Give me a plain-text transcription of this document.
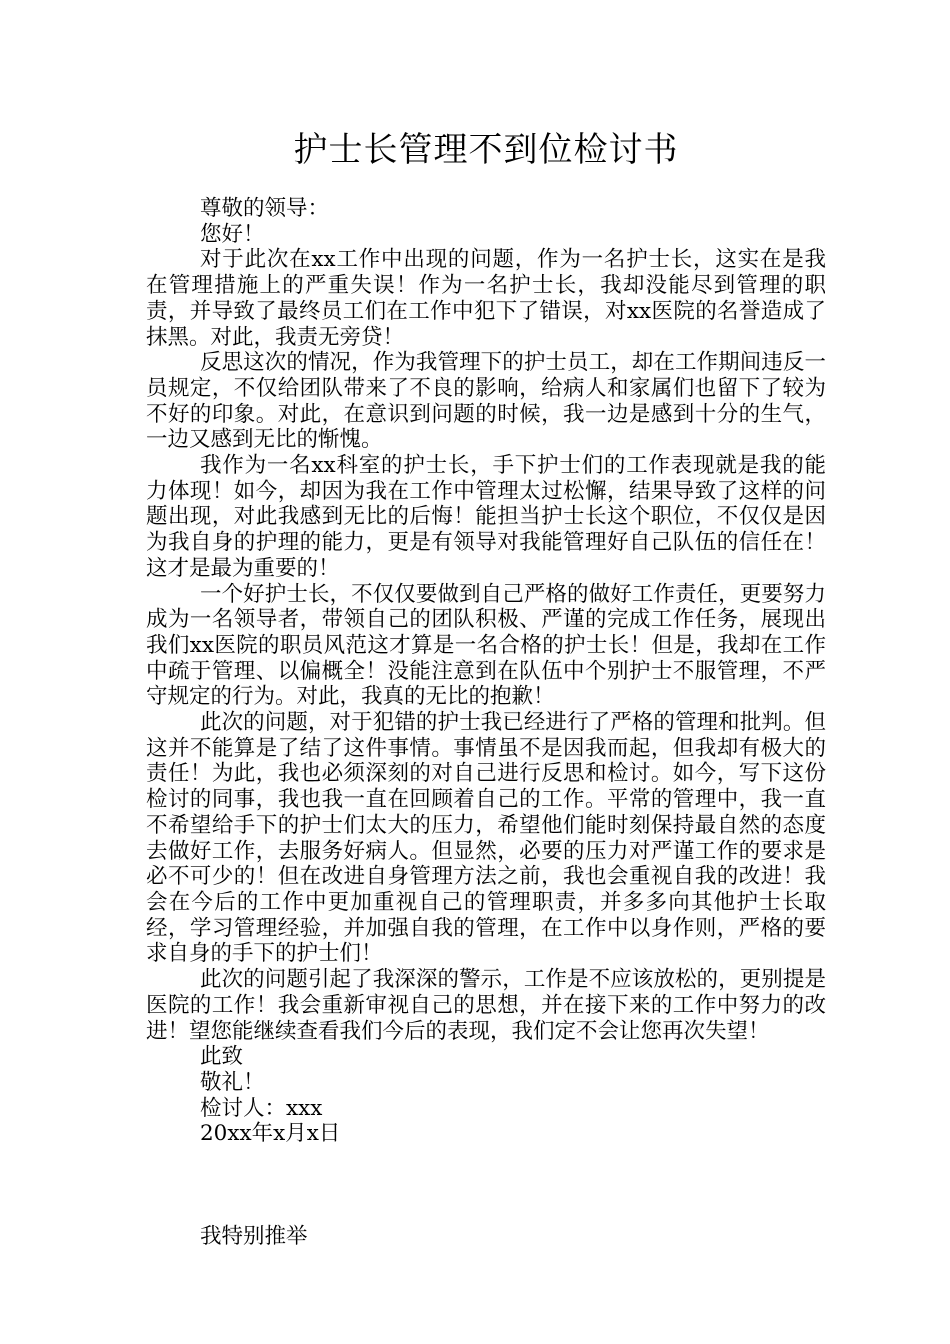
护士长管理不到位检讨书

尊敬的领导：

您好！

对于此次在xx工作中出现的问题，作为一名护士长，这实在是我在管理措施上的严重失误！作为一名护士长，我却没能尽到管理的职责，并导致了最终员工们在工作中犯下了错误，对xx医院的名誉造成了抹黑。对此，我责无旁贷！

反思这次的情况，作为我管理下的护士员工，却在工作期间违反一员规定，不仅给团队带来了不良的影响，给病人和家属们也留下了较为不好的印象。对此，在意识到问题的时候，我一边是感到十分的生气，一边又感到无比的惭愧。

我作为一名xx科室的护士长，手下护士们的工作表现就是我的能力体现！如今，却因为我在工作中管理太过松懈，结果导致了这样的问题出现，对此我感到无比的后悔！能担当护士长这个职位，不仅仅是因为我自身的护理的能力，更是有领导对我能管理好自己队伍的信任在！这才是最为重要的！

一个好护士长，不仅仅要做到自己严格的做好工作责任，更要努力成为一名领导者，带领自己的团队积极、严谨的完成工作任务，展现出我们xx医院的职员风范这才算是一名合格的护士长！但是，我却在工作中疏于管理、以偏概全！没能注意到在队伍中个别护士不服管理，不严守规定的行为。对此，我真的无比的抱歉！

此次的问题，对于犯错的护士我已经进行了严格的管理和批判。但这并不能算是了结了这件事情。事情虽不是因我而起，但我却有极大的责任！为此，我也必须深刻的对自己进行反思和检讨。如今，写下这份检讨的同事，我也我一直在回顾着自己的工作。平常的管理中，我一直不希望给手下的护士们太大的压力，希望他们能时刻保持最自然的态度去做好工作，去服务好病人。但显然，必要的压力对严谨工作的要求是必不可少的！但在改进自身管理方法之前，我也会重视自我的改进！我会在今后的工作中更加重视自己的管理职责，并多多向其他护士长取经，学习管理经验，并加强自我的管理，在工作中以身作则，严格的要求自身的手下的护士们！

此次的问题引起了我深深的警示，工作是不应该放松的，更别提是医院的工作！我会重新审视自己的思想，并在接下来的工作中努力的改进！望您能继续查看我们今后的表现，我们定不会让您再次失望！

此致

敬礼！

检讨人：xxx

20xx年x月x日

我特别推举
